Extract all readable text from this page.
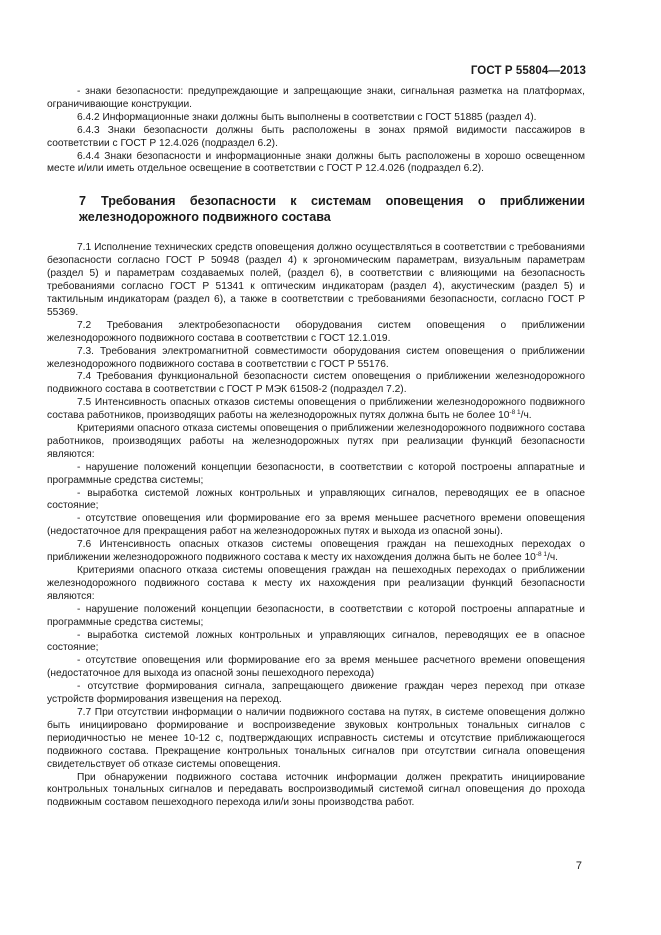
ГОСТ Р 55804—2013

- знаки безопасности: предупреждающие и запрещающие знаки, сигнальная разметка на платформах, ограничивающие конструкции.

6.4.2 Информационные знаки должны быть выполнены в соответствии с ГОСТ 51885 (раздел 4).

6.4.3 Знаки безопасности должны быть расположены в зонах прямой видимости пассажиров в соответствии с ГОСТ Р 12.4.026 (подраздел 6.2).

6.4.4 Знаки безопасности и информационные знаки должны быть расположены в хорошо освещенном месте и/или иметь отдельное освещение в соответствии с ГОСТ Р 12.4.026 (подраздел 6.2).

7 Требования безопасности к системам оповещения о приближении железнодорожного подвижного состава

7.1 Исполнение технических средств оповещения должно осуществляться в соответствии с требованиями безопасности согласно ГОСТ Р 50948 (раздел 4) к эргономическим параметрам, визуальным параметрам (раздел 5) и параметрам создаваемых полей, (раздел 6), в соответствии с влияющими на безопасность требованиями согласно ГОСТ Р 51341 к оптическим индикаторам (раздел 4), акустическим (раздел 5) и тактильным индикаторам (раздел 6), а также в соответствии с требованиями безопасности, согласно ГОСТ Р 55369.

7.2 Требования электробезопасности оборудования систем оповещения о приближении железнодорожного подвижного состава в соответствии с ГОСТ 12.1.019.

7.3. Требования электромагнитной совместимости оборудования систем оповещения о приближении железнодорожного подвижного состава в соответствии с ГОСТ Р 55176.

7.4 Требования функциональной безопасности систем оповещения о приближении железнодорожного подвижного состава в соответствии с ГОСТ Р МЭК 61508-2 (подраздел 7.2).

7.5 Интенсивность опасных отказов системы оповещения о приближении железнодорожного подвижного состава работников, производящих работы на железнодорожных путях должна быть не более $10^{-8 1}/ч$.

Критериями опасного отказа системы оповещения о приближении железнодорожного подвижного состава работников, производящих работы на железнодорожных путях при реализации функций безопасности являются:

- нарушение положений концепции безопасности, в соответствии с которой построены аппаратные и программные средства системы;

- выработка системой ложных контрольных и управляющих сигналов, переводящих ее в опасное состояние;

- отсутствие оповещения или формирование его за время меньшее расчетного времени оповещения (недостаточное для прекращения работ на железнодорожных путях и выхода из опасной зоны).

7.6 Интенсивность опасных отказов системы оповещения граждан на пешеходных переходах о приближении железнодорожного подвижного состава к месту их нахождения должна быть не более $10^{-8 1}/ч$.

Критериями опасного отказа системы оповещения граждан на пешеходных переходах о приближении железнодорожного подвижного состава к месту их нахождения при реализации функций безопасности являются:

- нарушение положений концепции безопасности, в соответствии с которой построены аппаратные и программные средства системы;

- выработка системой ложных контрольных и управляющих сигналов, переводящих ее в опасное состояние;

- отсутствие оповещения или формирование его за время меньшее расчетного времени оповещения (недостаточное для выхода из опасной зоны пешеходного перехода)

- отсутствие формирования сигнала, запрещающего движение граждан через переход при отказе устройств формирования извещения на переход.

7.7 При отсутствии информации о наличии подвижного состава на путях, в системе оповещения должно быть инициировано формирование и воспроизведение звуковых контрольных тональных сигналов с периодичностью не менее 10-12 с, подтверждающих исправность системы и отсутствие приближающегося подвижного состава. Прекращение контрольных тональных сигналов при отсутствии сигнала оповещения свидетельствует об отказе системы оповещения.

При обнаружении подвижного состава источник информации должен прекратить инициирование контрольных тональных сигналов и передавать воспроизводимый системой сигнал оповещения до прохода подвижным составом пешеходного перехода или/и зоны производства работ.

7
